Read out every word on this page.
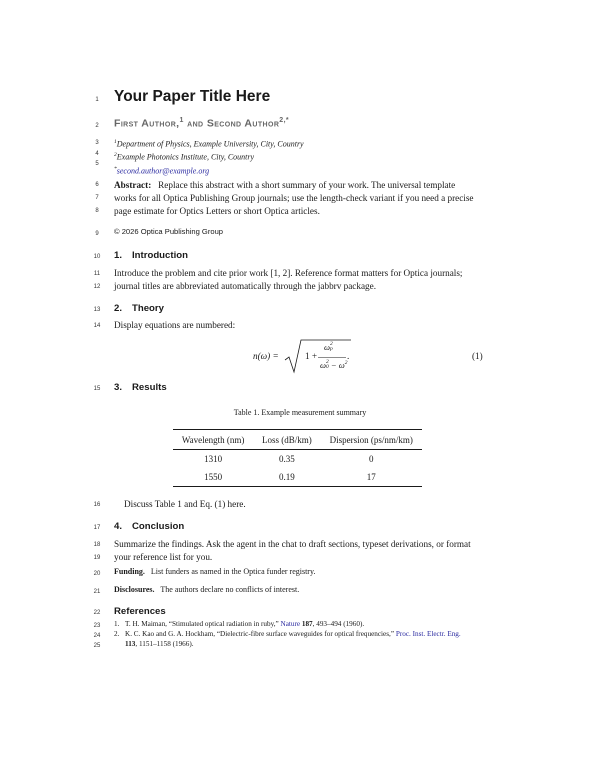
1
2
3
4
5
6
7
8
9
10
11
12
13
14
15
16
17
18
19
20
21
22
23
24
25
Your Paper Title Here
First Author,$^1$ and Second Author$^{2,*}$
$^1$Department of Physics, Example University, City, Country
$^2$Example Photonics Institute, City, Country
*second.author@example.org
Abstract: Replace this abstract with a short summary of your work. The universal template
works for all Optica Publishing Group journals; use the length-check variant if you need a precise
page estimate for Optics Letters or short Optica articles.
© 2026 Optica Publishing Group
1. Introduction
Introduce the problem and cite prior work [1, 2]. Reference format matters for Optica journals;
journal titles are abbreviated automatically through the jabbrv package.
2. Theory
Display equations are numbered:
n(ω) =	1 +
ω2
p
ω2
$0 - \omega^2$
.	(1)
3. Results
Table 1. Example measurement summary
Wavelength (nm)	Loss (dB/km)	Dispersion (ps/nm/km)
1310	0.35	0
1550	0.19	17
Discuss Table 1 and Eq. (1) here.
4. Conclusion
Summarize the findings. Ask the agent in the chat to draft sections, typeset derivations, or format
your reference list for you.
Funding. List funders as named in the Optica funder registry.
Disclosures. The authors declare no conflicts of interest.
References
1. T. H. Maiman, “Stimulated optical radiation in ruby,” Nature 187, 493–494 (1960).
2. K. C. Kao and G. A. Hockham, “Dielectric-fibre surface waveguides for optical frequencies,” Proc. Inst. Electr. Eng.
113, 1151–1158 (1966).
